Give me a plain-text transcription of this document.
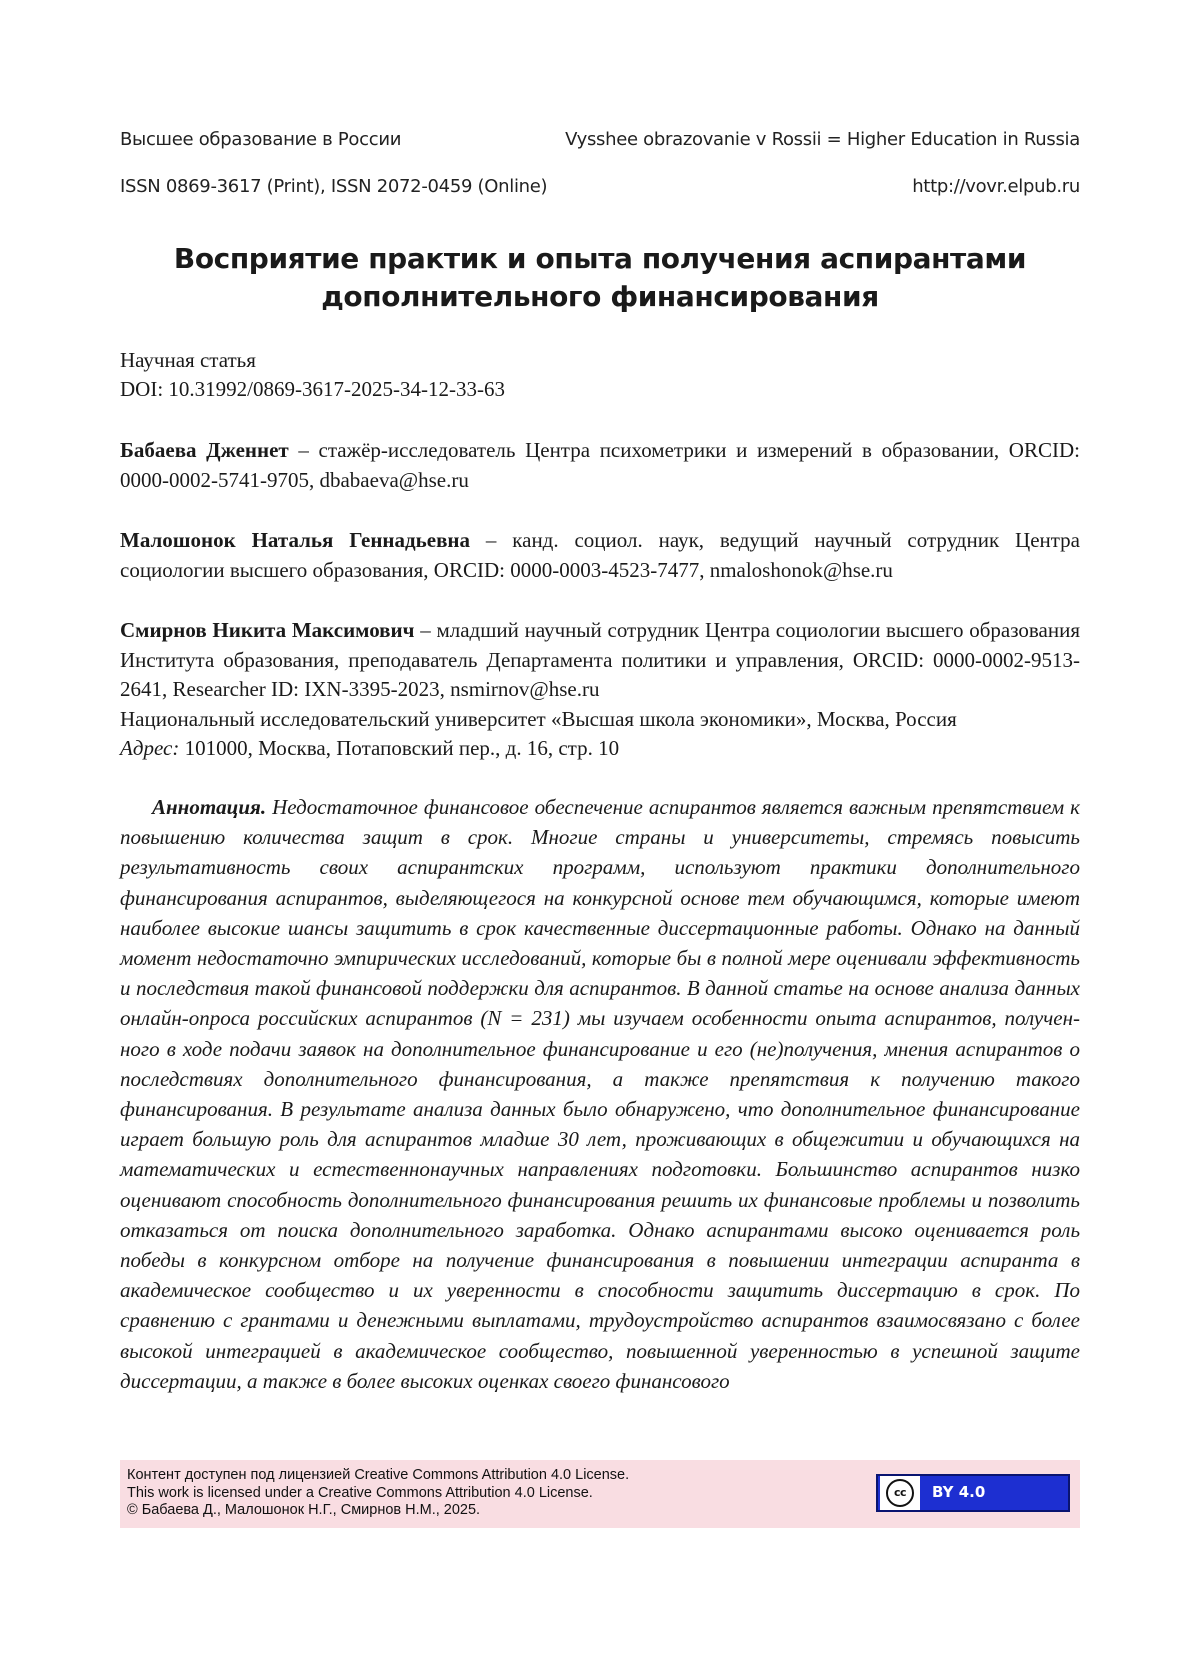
Высшее образование в России	Vysshee obrazovanie v Rossii = Higher Education in Russia
ISSN 0869-3617 (Print), ISSN 2072-0459 (Online)	http://vovr.elpub.ru
Восприятие практик и опыта получения аспирантами
дополнительного финансирования
Научная статья
DOI: 10.31992/0869-3617-2025-34-12-33-63
Бабаева Дженнет – стажёр-исследователь Центра психометрики и измерений в образовании, ORCID: 0000-0002-5741-9705, dbabaeva@hse.ru
Малошонок Наталья Геннадьевна – канд. социол. наук, ведущий научный сотрудник Центра социологии высшего образования, ORCID: 0000-0003-4523-7477, nmaloshonok@hse.ru
Смирнов Никита Максимович – младший научный сотрудник Центра социологии высшего образования Института образования, преподаватель Департамента политики и управления, ORCID: 0000-0002-9513-2641, Researcher ID: IXN-3395-2023, nsmirnov@hse.ru
Национальный исследовательский университет «Высшая школа экономики», Москва, Россия
Адрес: 101000, Москва, Потаповский пер., д. 16, стр. 10
Аннотация. Недостаточное финансовое обеспечение аспирантов является важным препятствием к повышению количества защит в срок. Многие страны и университеты, стремясь повысить результативность своих аспирантских программ, используют практики дополнительного финансирования аспирантов, выделяющегося на конкурсной основе тем обучающимся, которые имеют наиболее высокие шансы защитить в срок качественные диссертационные работы. Однако на данный момент недостаточно эмпирических исследований, которые бы в полной мере оценивали эффективность и последствия такой финансовой поддержки для аспирантов. В данной статье на основе анализа данных онлайн-опроса российских аспирантов (N = 231) мы изучаем особенности опыта аспирантов, полученного в ходе подачи заявок на дополнительное финансирование и его (не)получения, мнения аспирантов о последствиях дополнительного финансирования, а также препятствия к получению такого финансирования. В результате анализа данных было обнаружено, что дополнительное финансирование играет большую роль для аспирантов младше 30 лет, проживающих в общежитии и обучающихся на математических и естественнонаучных направлениях подготовки. Большинство аспирантов низко оценивают способность дополнительного финансирования решить их финансовые проблемы и позволить отказаться от поиска дополнительного заработка. Однако аспирантами высоко оценивается роль победы в конкурсном отборе на получение финансирования в повышении интеграции аспиранта в академическое сообщество и их уверенности в способности защитить диссертацию в срок. По сравнению с грантами и денежными выплатами, трудоустройство аспирантов взаимосвязано с более высокой интеграцией в академическое сообщество, повышенной уверенностью в успешной защите диссертации, а также в более высоких оценках своего финансового
Контент доступен под лицензией Creative Commons Attribution 4.0 License.
This work is licensed under a Creative Commons Attribution 4.0 License.
© Бабаева Д., Малошонок Н.Г., Смирнов Н.М., 2025.
cc	BY 4.0
